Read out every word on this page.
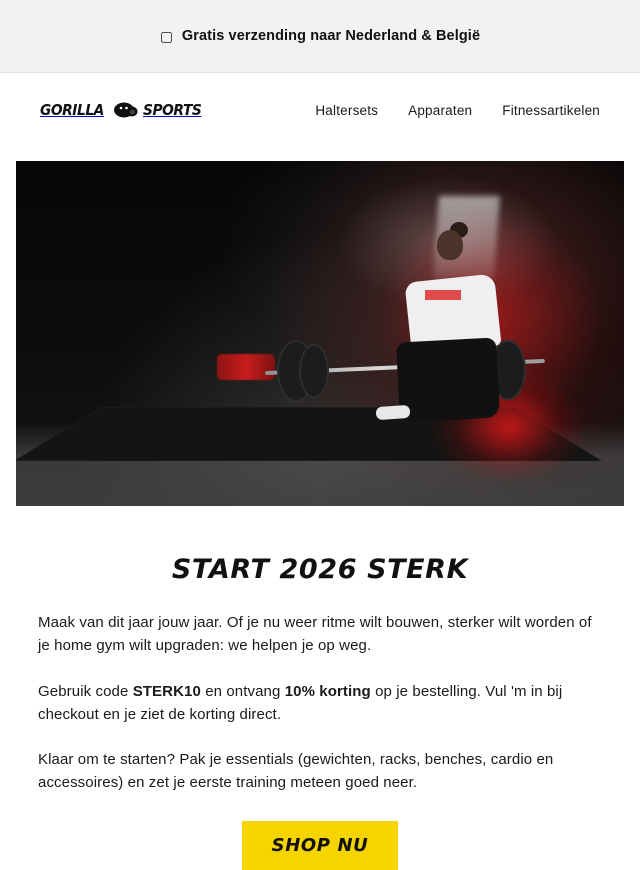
▢ Gratis verzending naar Nederland & België
GORILLA	SPORTS	Haltersets Apparaten Fitnessartikelen
START 2026 STERK

Maak van dit jaar jouw jaar. Of je nu weer ritme wilt bouwen, sterker wilt worden of je home gym wilt upgraden: we helpen je op weg.

Gebruik code STERK10 en ontvang 10% korting op je bestelling. Vul 'm in bij checkout en je ziet de korting direct.

Klaar om te starten? Pak je essentials (gewichten, racks, benches, cardio en accessoires) en zet je eerste training meteen goed neer.

SHOP NU
